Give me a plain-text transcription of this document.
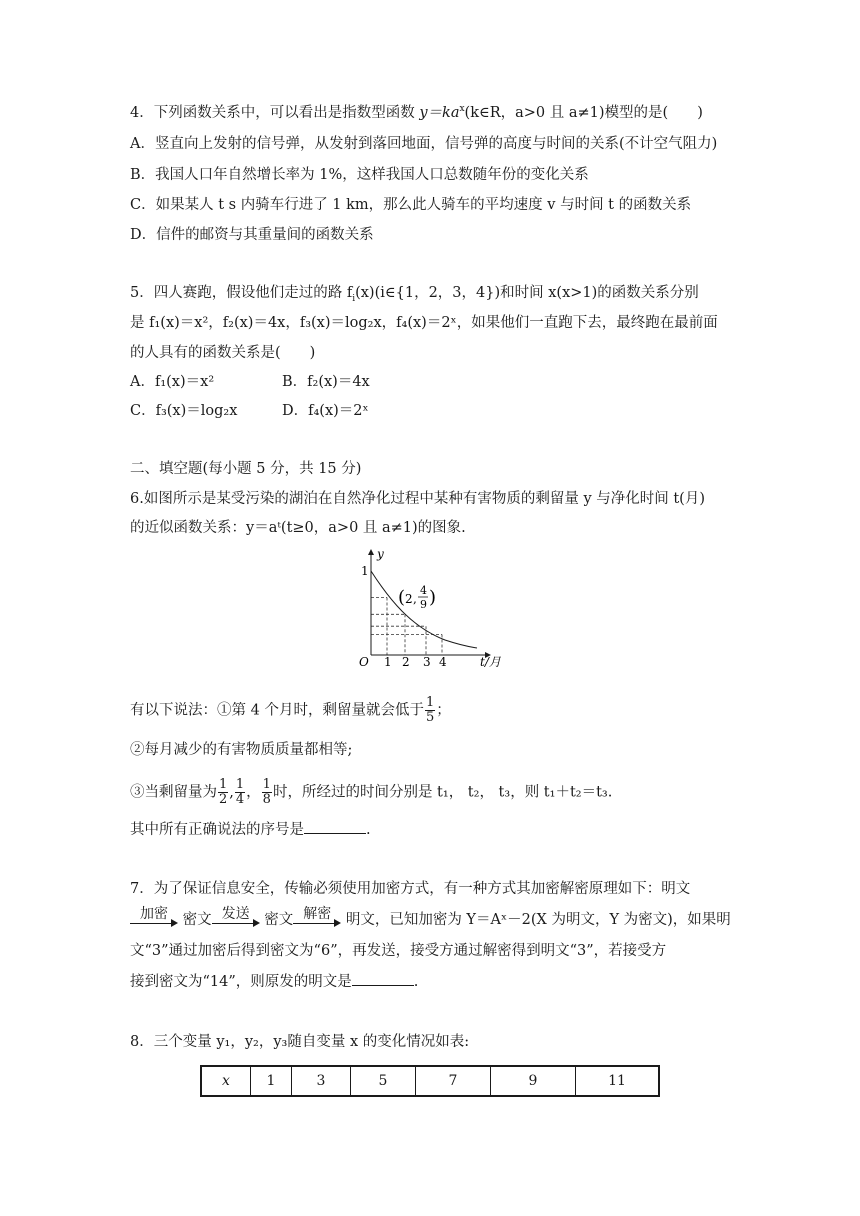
4．下列函数关系中，可以看出是指数型函数 $y=ka^x(k\in R$，a>0 且 a≠1)模型的是(　　)
A．竖直向上发射的信号弹，从发射到落回地面，信号弹的高度与时间的关系(不计空气阻力)
B．我国人口年自然增长率为 1%，这样我国人口总数随年份的变化关系
C．如果某人 t s 内骑车行进了 1 km，那么此人骑车的平均速度 v 与时间 t 的函数关系
D．信件的邮资与其重量间的函数关系
5．四人赛跑，假设他们走过的路 $f_i(x)(i\in\{1$，2，3，4})和时间 x(x>1)的函数关系分别
是 f₁(x)＝x²，f₂(x)＝4x，f₃(x)＝log₂x，f₄(x)＝2ˣ，如果他们一直跑下去，最终跑在最前面
的人具有的函数关系是(　　)
A．f₁(x)＝x²	B．f₂(x)＝4x
C．f₃(x)＝log₂x	D．f₄(x)＝2ˣ
二、填空题(每小题 5 分，共 15 分)
6.如图所示是某受污染的湖泊在自然净化过程中某种有害物质的剩留量 y 与净化时间 t(月)
的近似函数关系：y＝aᵗ(t≥0，a>0 且 a≠1)的图象.
y
1
O 1 2 3 4	t/月
( 2 ,
4
9 )
有以下说法：①第 4 个月时，剩留量就会低于 $\frac{1}{5}$ ；
②每月减少的有害物质质量都相等;
③当剩留量为 $\frac{1}{2}$ , $\frac{1}{4}$ ， $\frac{1}{8}$ 时，所经过的时间分别是 t₁， t₂， t₃，则 t₁＋t₂＝t₃.
其中所有正确说法的序号是	.
7．为了保证信息安全，传输必须使用加密方式，有一种方式其加密解密原理如下：明文
加密	密文 发送	密文 解密	明文，已知加密为 Y＝Aˣ－2(X 为明文，Y 为密文)，如果明
文“3”通过加密后得到密文为“6”，再发送，接受方通过解密得到明文“3”，若接受方
接到密文为“14”，则原发的明文是	.
8．三个变量 y₁，y₂，y₃随自变量 x 的变化情况如表:
x	1	3	5	7	9	11
